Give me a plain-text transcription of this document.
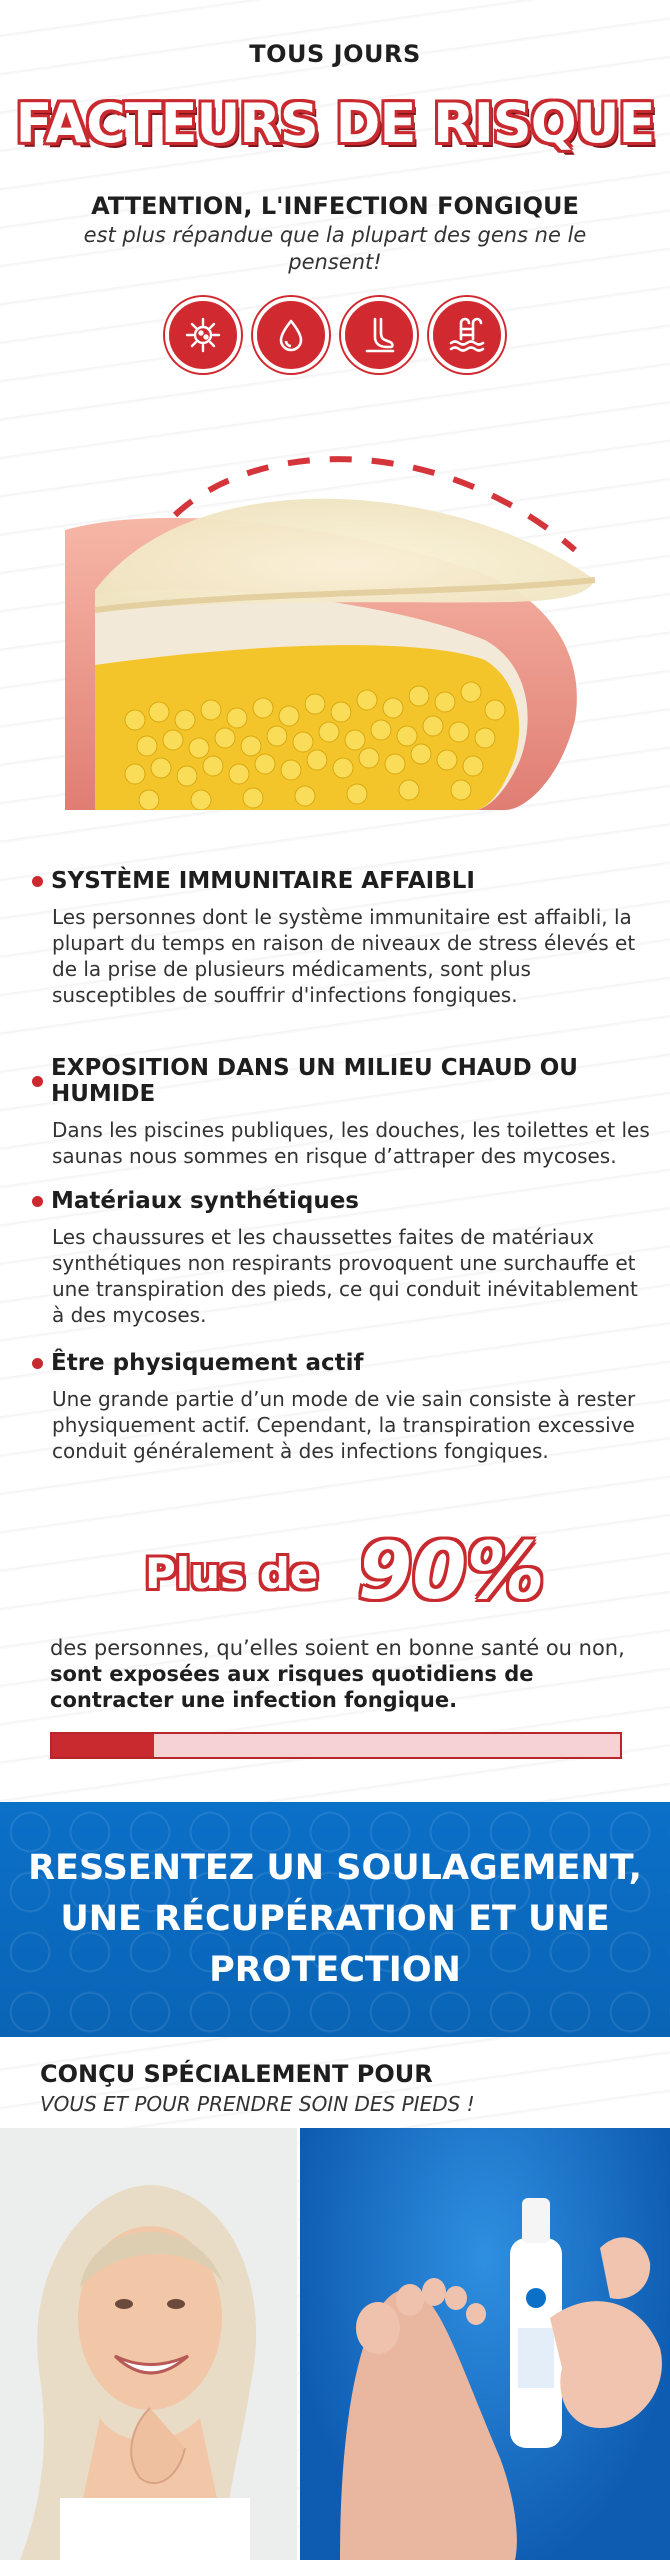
TOUS JOURS
FACTEURS DE RISQUE
ATTENTION, L'INFECTION FONGIQUE
est plus répandue que la plupart des gens ne le pensent!
SYSTÈME IMMUNITAIRE AFFAIBLI
Les personnes dont le système immunitaire est affaibli, la plupart du temps en raison de niveaux de stress élevés et de la prise de plusieurs médicaments, sont plus susceptibles de souffrir d'infections fongiques.
EXPOSITION DANS UN MILIEU CHAUD OU HUMIDE
Dans les piscines publiques, les douches, les toilettes et les saunas nous sommes en risque d’attraper des mycoses.
Matériaux synthétiques
Les chaussures et les chaussettes faites de matériaux synthétiques non respirants provoquent une surchauffe et une transpiration des pieds, ce qui conduit inévitablement à des mycoses.
Être physiquement actif
Une grande partie d’un mode de vie sain consiste à rester physiquement actif. Cependant, la transpiration excessive conduit généralement à des infections fongiques.
Plus de 90%
des personnes, qu’elles soient en bonne santé ou non, sont exposées aux risques quotidiens de contracter une infection fongique.
RESSENTEZ UN SOULAGEMENT, UNE RÉCUPÉRATION ET UNE PROTECTION
CONÇU SPÉCIALEMENT POUR
VOUS ET POUR PRENDRE SOIN DES PIEDS !
